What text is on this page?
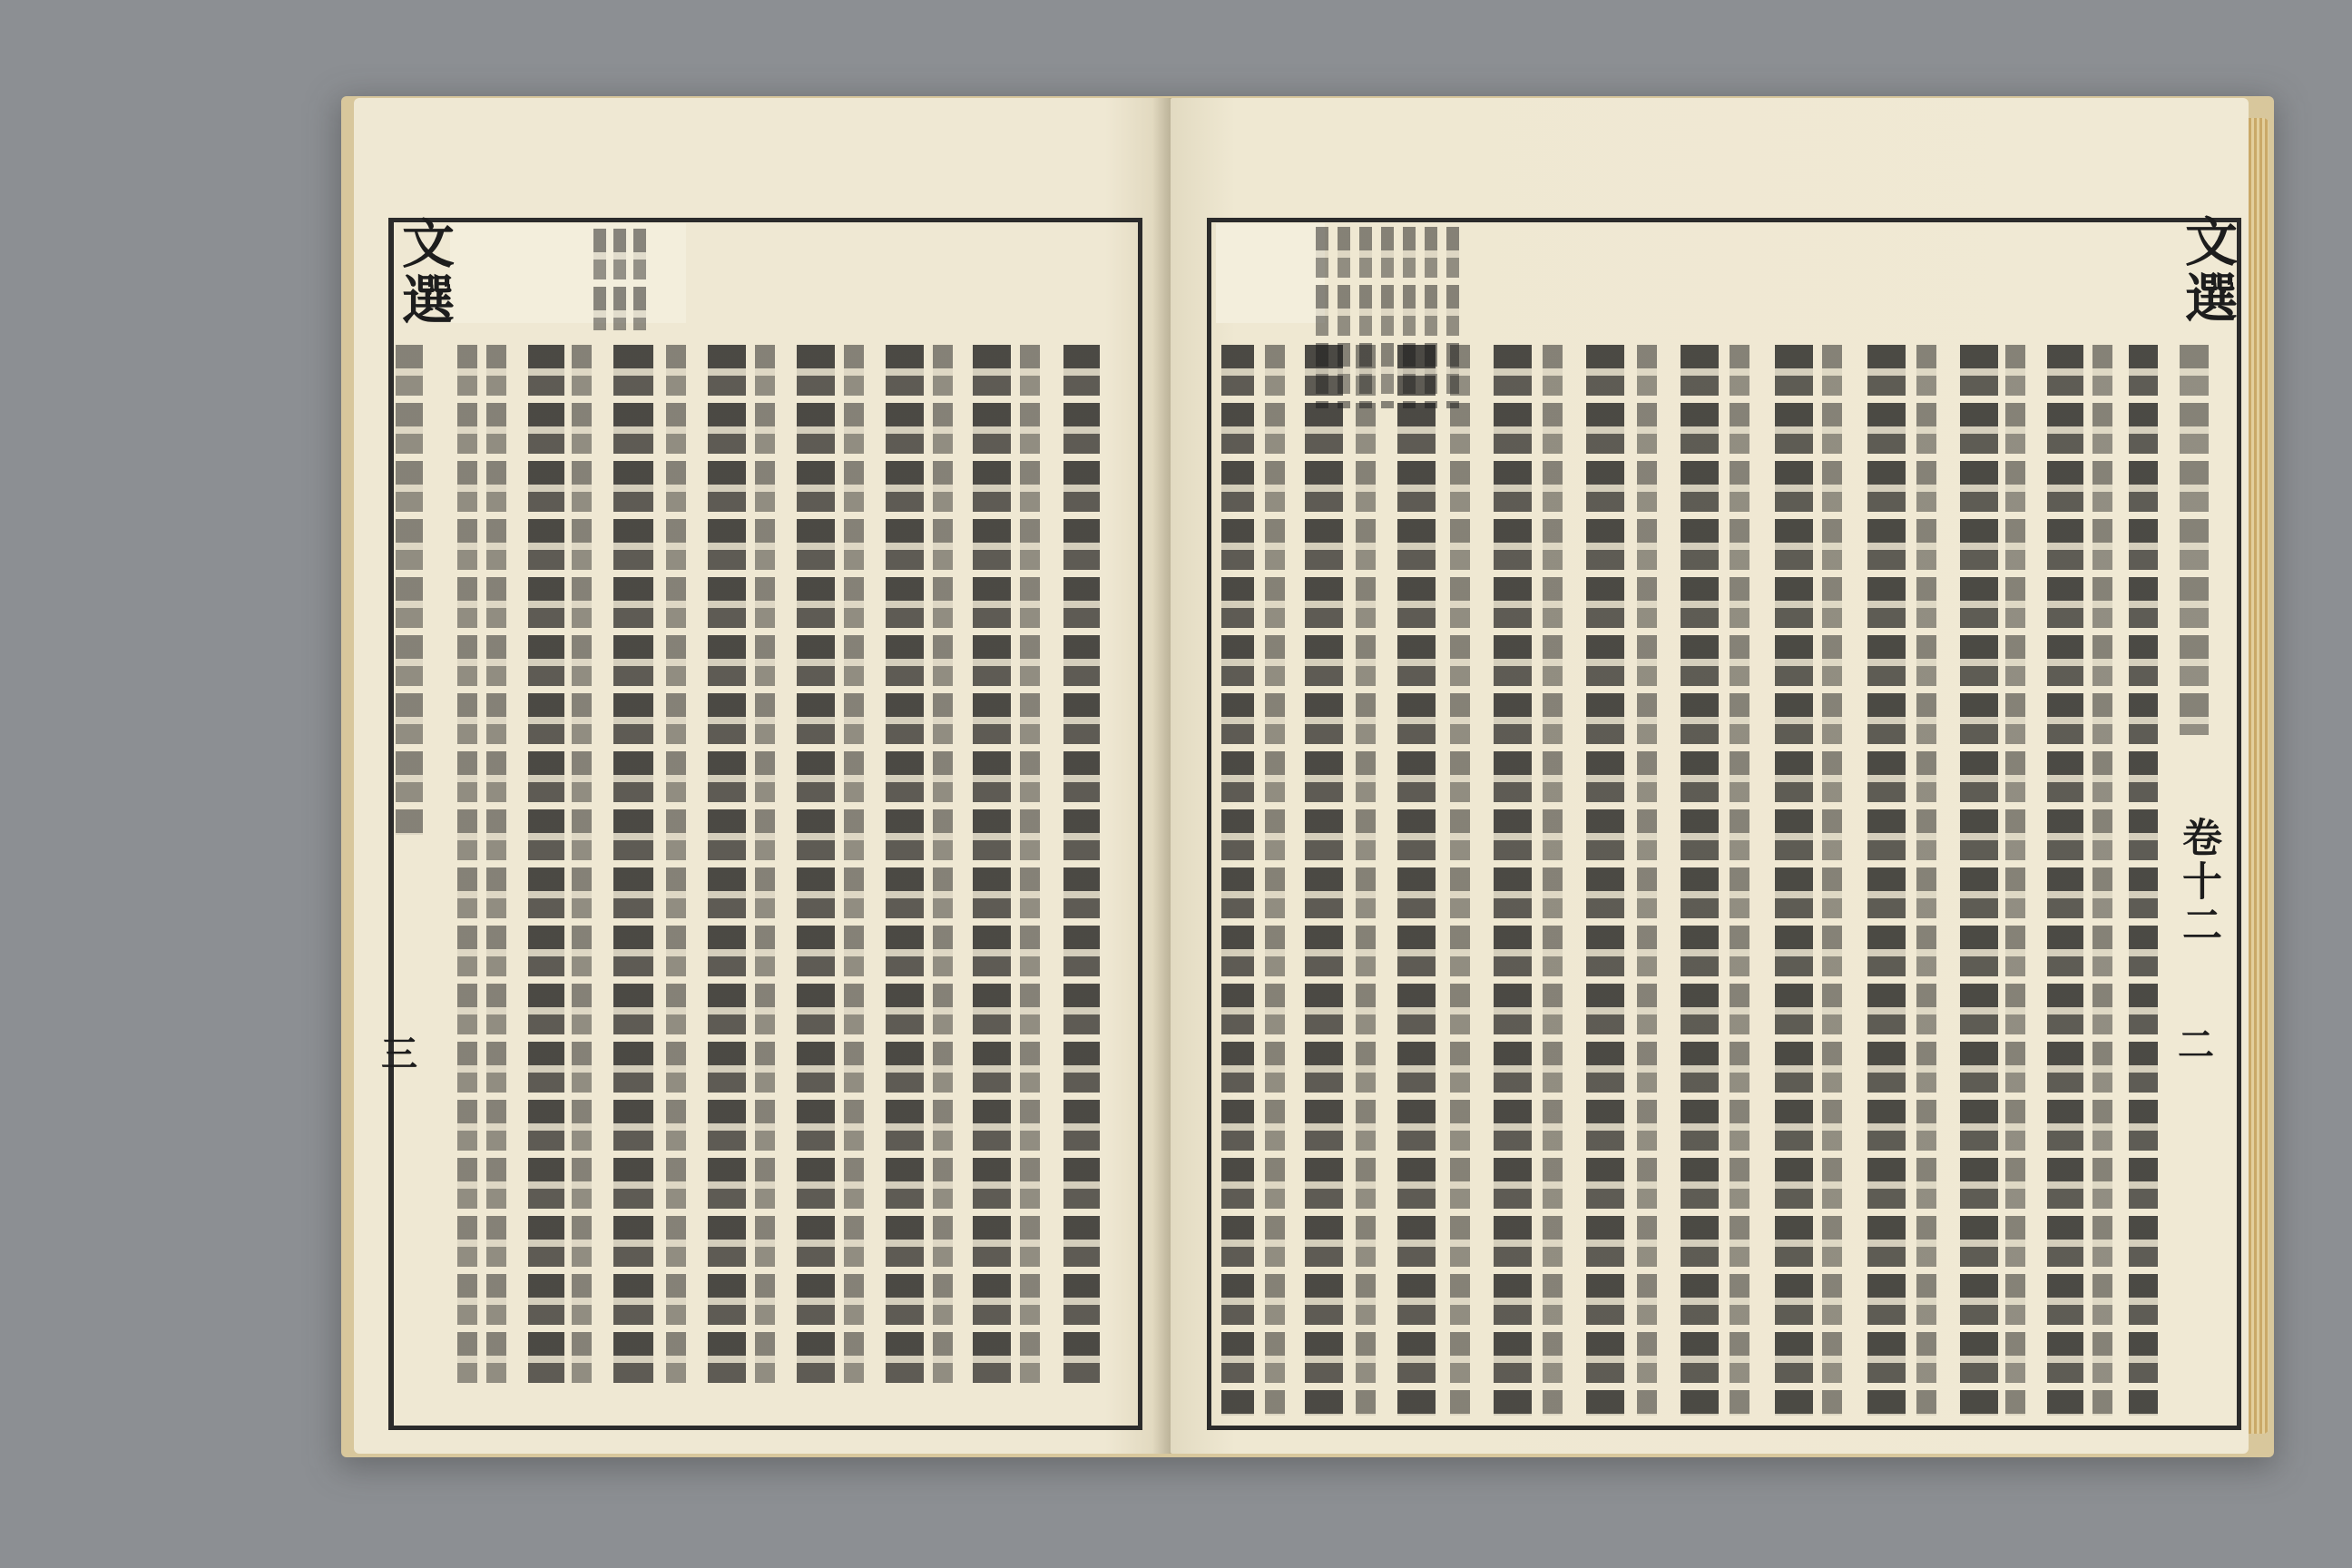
文選
三
文選
卷十二
二
